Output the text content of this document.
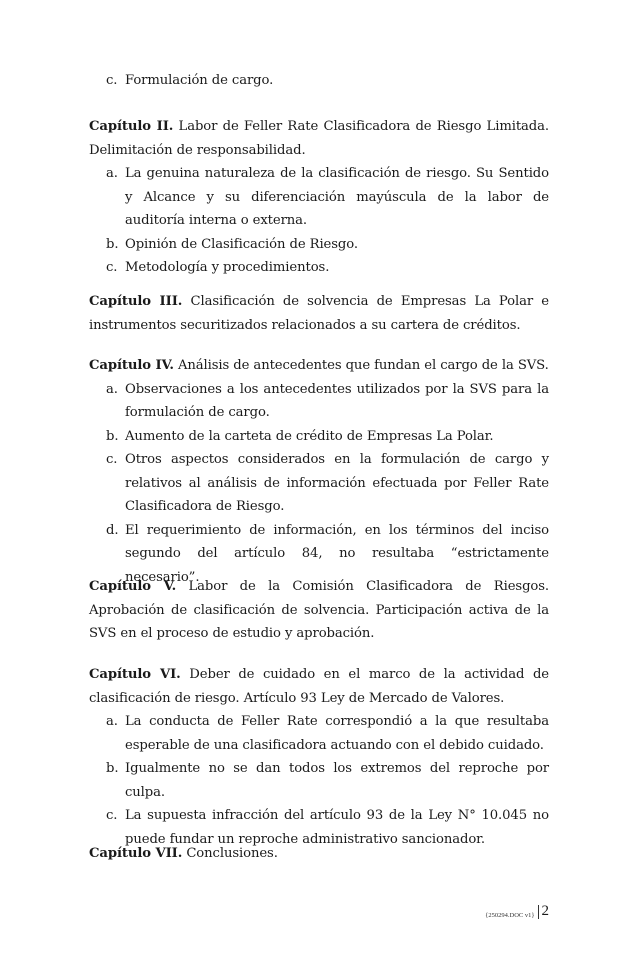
c. Formulación de cargo.

Capítulo II. Labor de Feller Rate Clasificadora de Riesgo Limitada. Delimitación de responsabilidad.

a. La genuina naturaleza de la clasificación de riesgo. Su Sentido y Alcance y su diferenciación mayúscula de la labor de auditoría interna o externa.
b. Opinión de Clasificación de Riesgo.
c. Metodología y procedimientos.

Capítulo III. Clasificación de solvencia de Empresas La Polar e instrumentos securitizados relacionados a su cartera de créditos.

Capítulo IV. Análisis de antecedentes que fundan el cargo de la SVS.

a. Observaciones a los antecedentes utilizados por la SVS para la formulación de cargo.
b. Aumento de la carteta de crédito de Empresas La Polar.
c. Otros aspectos considerados en la formulación de cargo y relativos al análisis de información efectuada por Feller Rate Clasificadora de Riesgo.
d. El requerimiento de información, en los términos del inciso segundo del artículo 84, no resultaba “estrictamente necesario”.

Capítulo V. Labor de la Comisión Clasificadora de Riesgos. Aprobación de clasificación de solvencia. Participación activa de la SVS en el proceso de estudio y aprobación.

Capítulo VI. Deber de cuidado en el marco de la actividad de clasificación de riesgo. Artículo 93 Ley de Mercado de Valores.

a. La conducta de Feller Rate correspondió a la que resultaba esperable de una clasificadora actuando con el debido cuidado.
b. Igualmente no se dan todos los extremos del reproche por culpa.
c. La supuesta infracción del artículo 93 de la Ley N° 10.045 no puede fundar un reproche administrativo sancionador.

Capítulo VII. Conclusiones.

{250294.DOC v1} 2
